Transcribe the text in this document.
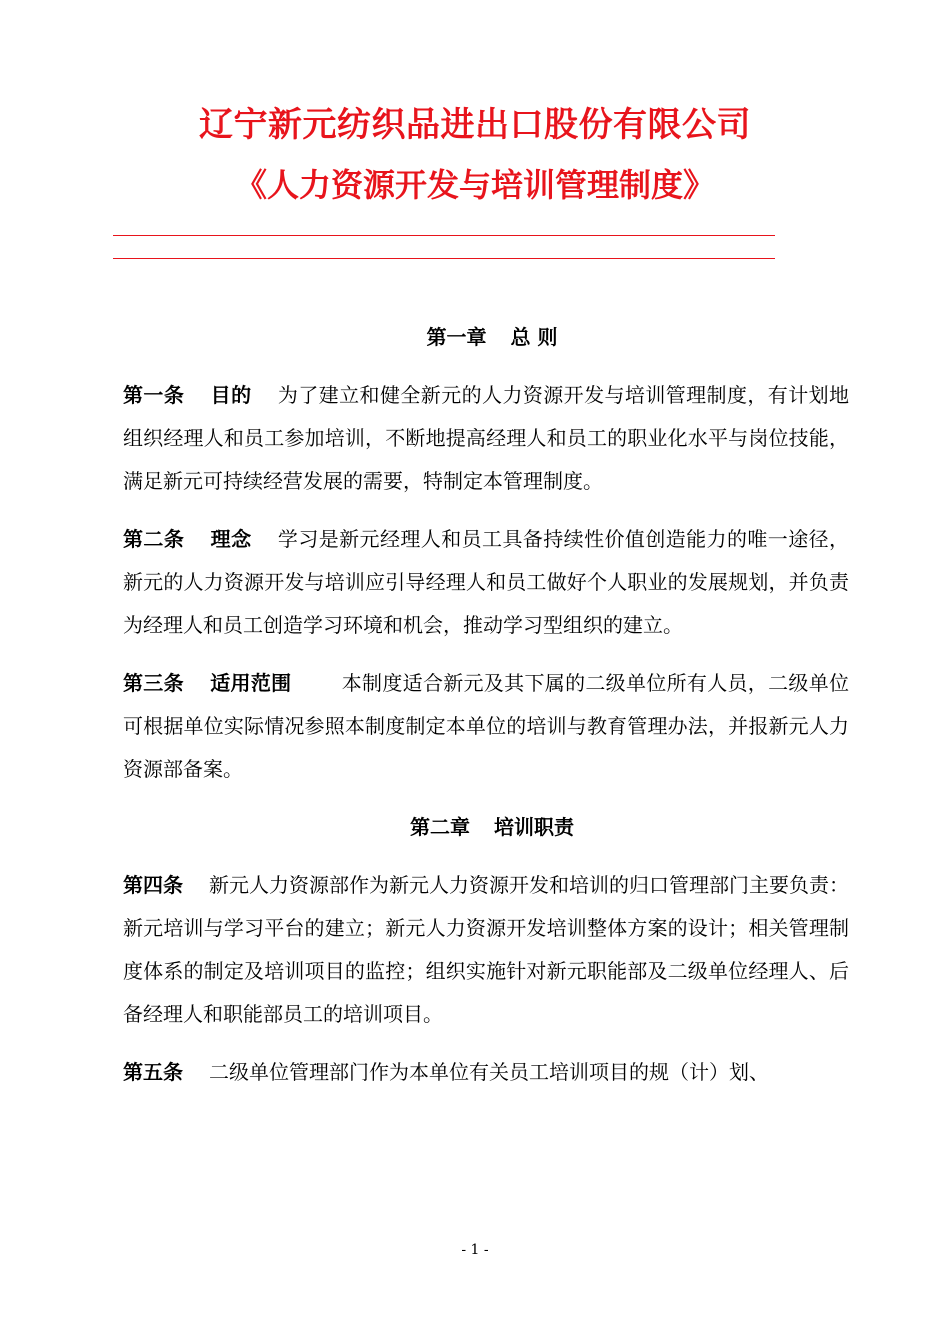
辽宁新元纺织品进出口股份有限公司
《人力资源开发与培训管理制度》
第一章 总 则

第一条 目的 为了建立和健全新元的人力资源开发与培训管理制度，有计划地组织经理人和员工参加培训，不断地提高经理人和员工的职业化水平与岗位技能，满足新元可持续经营发展的需要，特制定本管理制度。

第二条 理念 学习是新元经理人和员工具备持续性价值创造能力的唯一途径，新元的人力资源开发与培训应引导经理人和员工做好个人职业的发展规划，并负责为经理人和员工创造学习环境和机会，推动学习型组织的建立。

第三条 适用范围	本制度适合新元及其下属的二级单位所有人员，二级单位可根据单位实际情况参照本制度制定本单位的培训与教育管理办法，并报新元人力资源部备案。

第二章 培训职责

第四条 新元人力资源部作为新元人力资源开发和培训的归口管理部门主要负责：新元培训与学习平台的建立；新元人力资源开发培训整体方案的设计；相关管理制度体系的制定及培训项目的监控；组织实施针对新元职能部及二级单位经理人、后备经理人和职能部员工的培训项目。

第五条 二级单位管理部门作为本单位有关员工培训项目的规（计）划、

- 1 -
